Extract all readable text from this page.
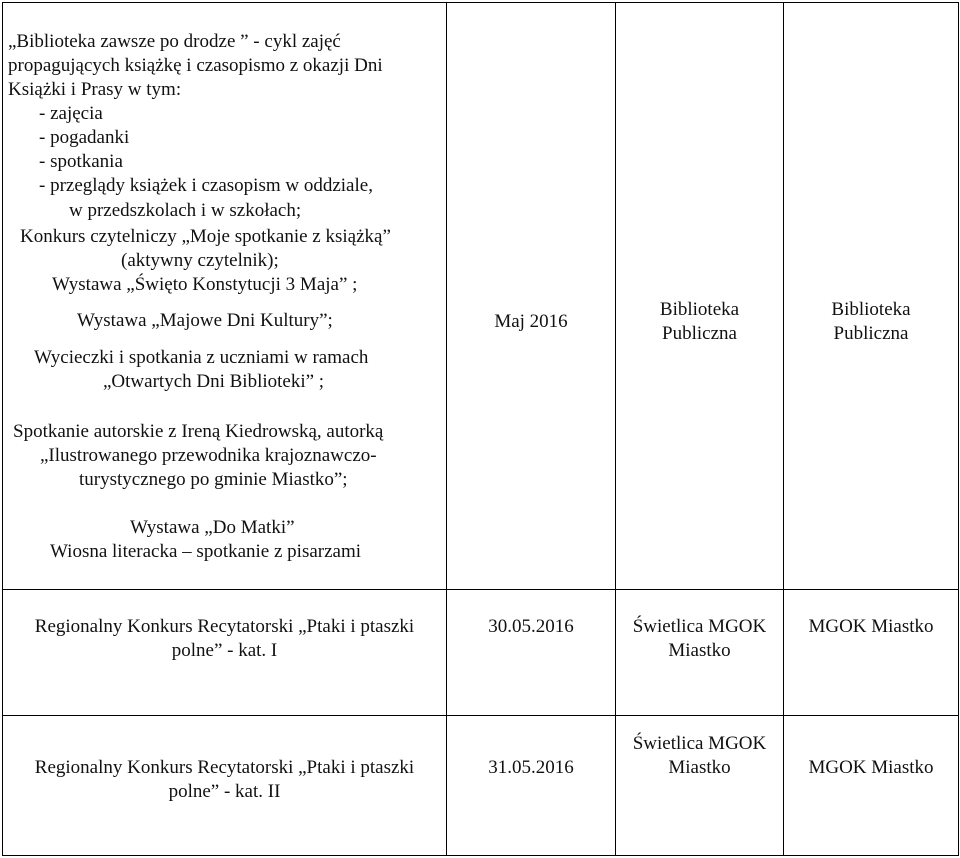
„Biblioteka zawsze po drodze ” - cykl zajęć
propagujących książkę i czasopismo z okazji Dni
Książki i Prasy w tym:
- zajęcia
- pogadanki
- spotkania
- przeglądy książek i czasopism w oddziale,
w przedszkolach i w szkołach;
Konkurs czytelniczy „Moje spotkanie z książką”
(aktywny czytelnik);
Wystawa „Święto Konstytucji 3 Maja” ;
Wystawa „Majowe Dni Kultury”;
Wycieczki i spotkania z uczniami w ramach
„Otwartych Dni Biblioteki” ;
Spotkanie autorskie z Ireną Kiedrowską, autorką
„Ilustrowanego przewodnika krajoznawczo-
turystycznego po gminie Miastko”;
Wystawa „Do Matki”
Wiosna literacka – spotkanie z pisarzami
Maj 2016
Biblioteka
Publiczna
Biblioteka
Publiczna
Regionalny Konkurs Recytatorski „Ptaki i ptaszki
polne” - kat. I
30.05.2016	Świetlica MGOK
Miastko
MGOK Miastko
Regionalny Konkurs Recytatorski „Ptaki i ptaszki
polne” - kat. II
31.05.2016
Świetlica MGOK
Miastko	MGOK Miastko
